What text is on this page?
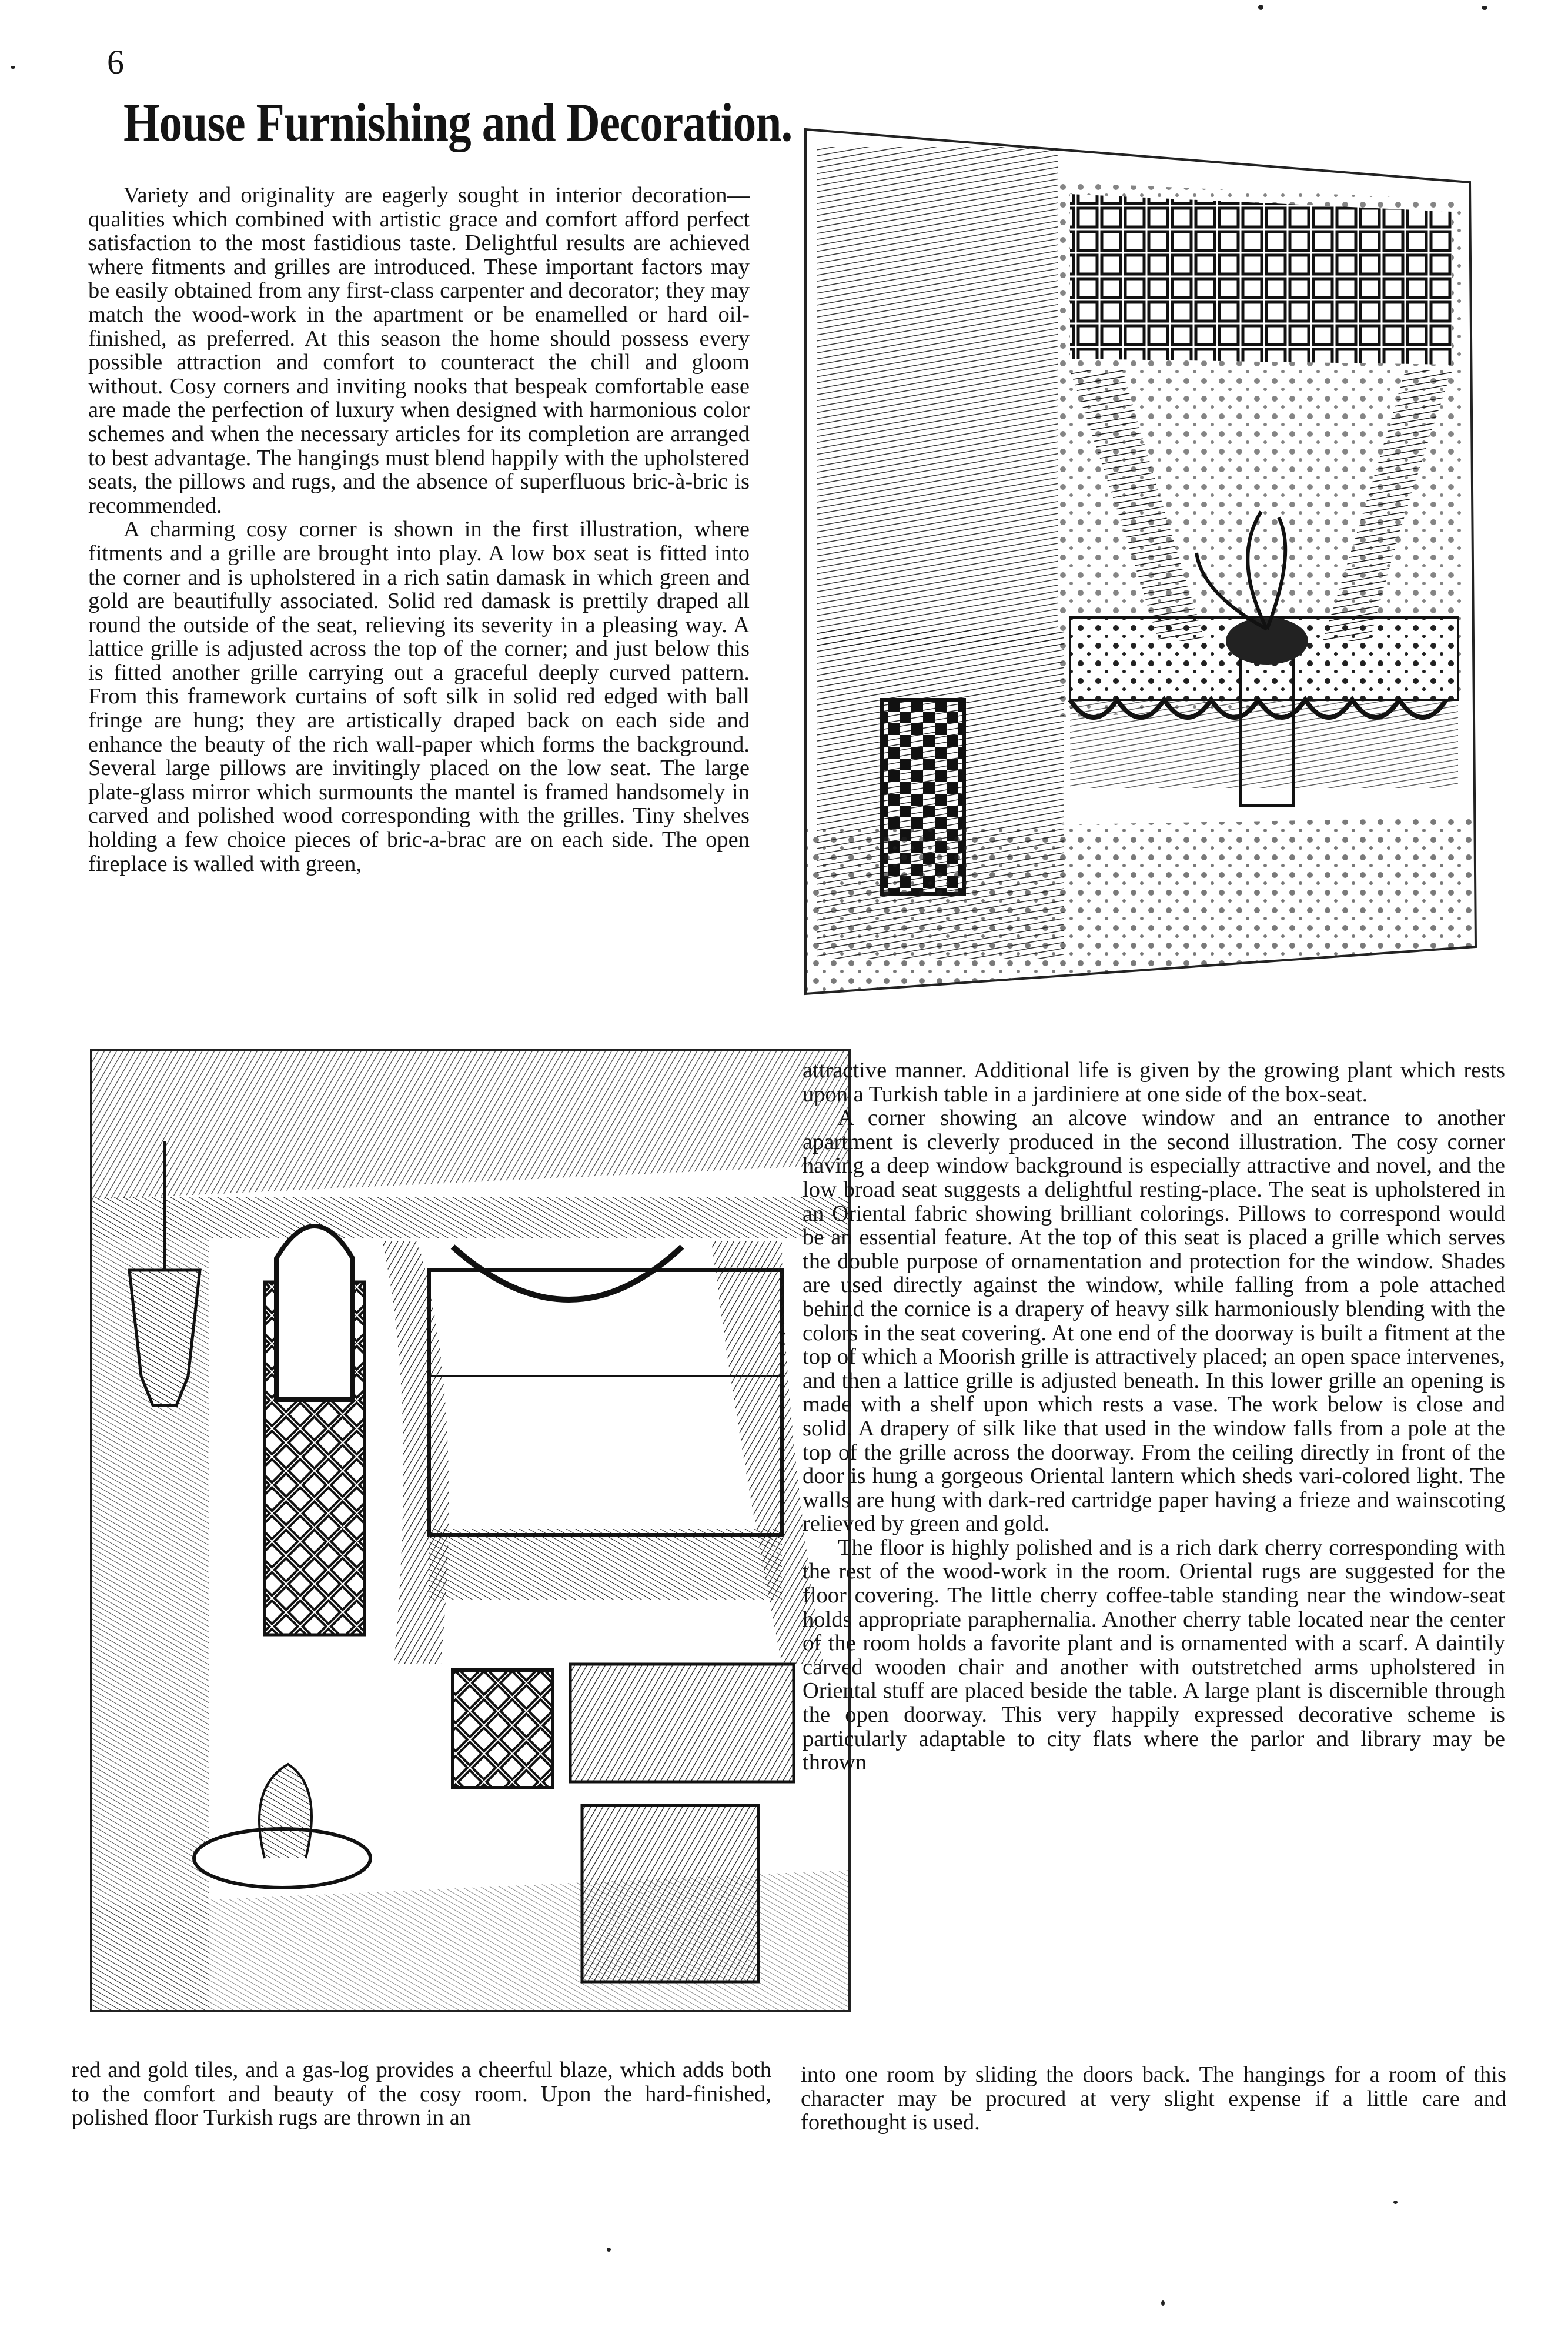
6
House Furnishing and Decoration.

Variety and originality are eagerly sought in interior decoration—qualities which combined with artistic grace and comfort afford perfect satisfaction to the most fastidious taste. Delightful results are achieved where fitments and grilles are introduced. These important factors may be easily obtained from any first-class carpenter and decorator; they may match the wood-work in the apartment or be enamelled or hard oil-finished, as preferred. At this season the home should possess every possible attraction and comfort to counteract the chill and gloom without. Cosy corners and inviting nooks that bespeak comfortable ease are made the perfection of luxury when designed with harmonious color schemes and when the necessary articles for its completion are arranged to best advantage. The hangings must blend happily with the upholstered seats, the pillows and rugs, and the absence of superfluous bric-à-bric is recommended.

A charming cosy corner is shown in the first illustration, where fitments and a grille are brought into play. A low box seat is fitted into the corner and is upholstered in a rich satin damask in which green and gold are beautifully associated. Solid red damask is prettily draped all round the outside of the seat, relieving its severity in a pleasing way. A lattice grille is adjusted across the top of the corner; and just below this is fitted another grille carrying out a graceful deeply curved pattern. From this framework curtains of soft silk in solid red edged with ball fringe are hung; they are artistically draped back on each side and enhance the beauty of the rich wall-paper which forms the background. Several large pillows are invitingly placed on the low seat. The large plate-glass mirror which surmounts the mantel is framed handsomely in carved and polished wood corresponding with the grilles. Tiny shelves holding a few choice pieces of bric-a-brac are on each side. The open fireplace is walled with green,

attractive manner. Additional life is given by the growing plant which rests upon a Turkish table in a jardiniere at one side of the box-seat.

A corner showing an alcove window and an entrance to another apartment is cleverly produced in the second illustration. The cosy corner having a deep window background is especially attractive and novel, and the low broad seat suggests a delightful resting-place. The seat is upholstered in an Oriental fabric showing brilliant colorings. Pillows to correspond would be an essential feature. At the top of this seat is placed a grille which serves the double purpose of ornamentation and protection for the window. Shades are used directly against the window, while falling from a pole attached behind the cornice is a drapery of heavy silk harmoniously blending with the colors in the seat covering. At one end of the doorway is built a fitment at the top of which a Moorish grille is attractively placed; an open space intervenes, and then a lattice grille is adjusted beneath. In this lower grille an opening is made with a shelf upon which rests a vase. The work below is close and solid. A drapery of silk like that used in the window falls from a pole at the top of the grille across the doorway. From the ceiling directly in front of the door is hung a gorgeous Oriental lantern which sheds vari-colored light. The walls are hung with dark-red cartridge paper having a frieze and wainscoting relieved by green and gold.

The floor is highly polished and is a rich dark cherry corresponding with the rest of the wood-work in the room. Oriental rugs are suggested for the floor covering. The little cherry coffee-table standing near the window-seat holds appropriate paraphernalia. Another cherry table located near the center of the room holds a favorite plant and is ornamented with a scarf. A daintily carved wooden chair and another with outstretched arms upholstered in Oriental stuff are placed beside the table. A large plant is discernible through the open doorway. This very happily expressed decorative scheme is particularly adaptable to city flats where the parlor and library may be thrown

red and gold tiles, and a gas-log provides a cheerful blaze, which adds both to the comfort and beauty of the cosy room. Upon the hard-finished, polished floor Turkish rugs are thrown in an

into one room by sliding the doors back. The hangings for a room of this character may be procured at very slight expense if a little care and forethought is used.
